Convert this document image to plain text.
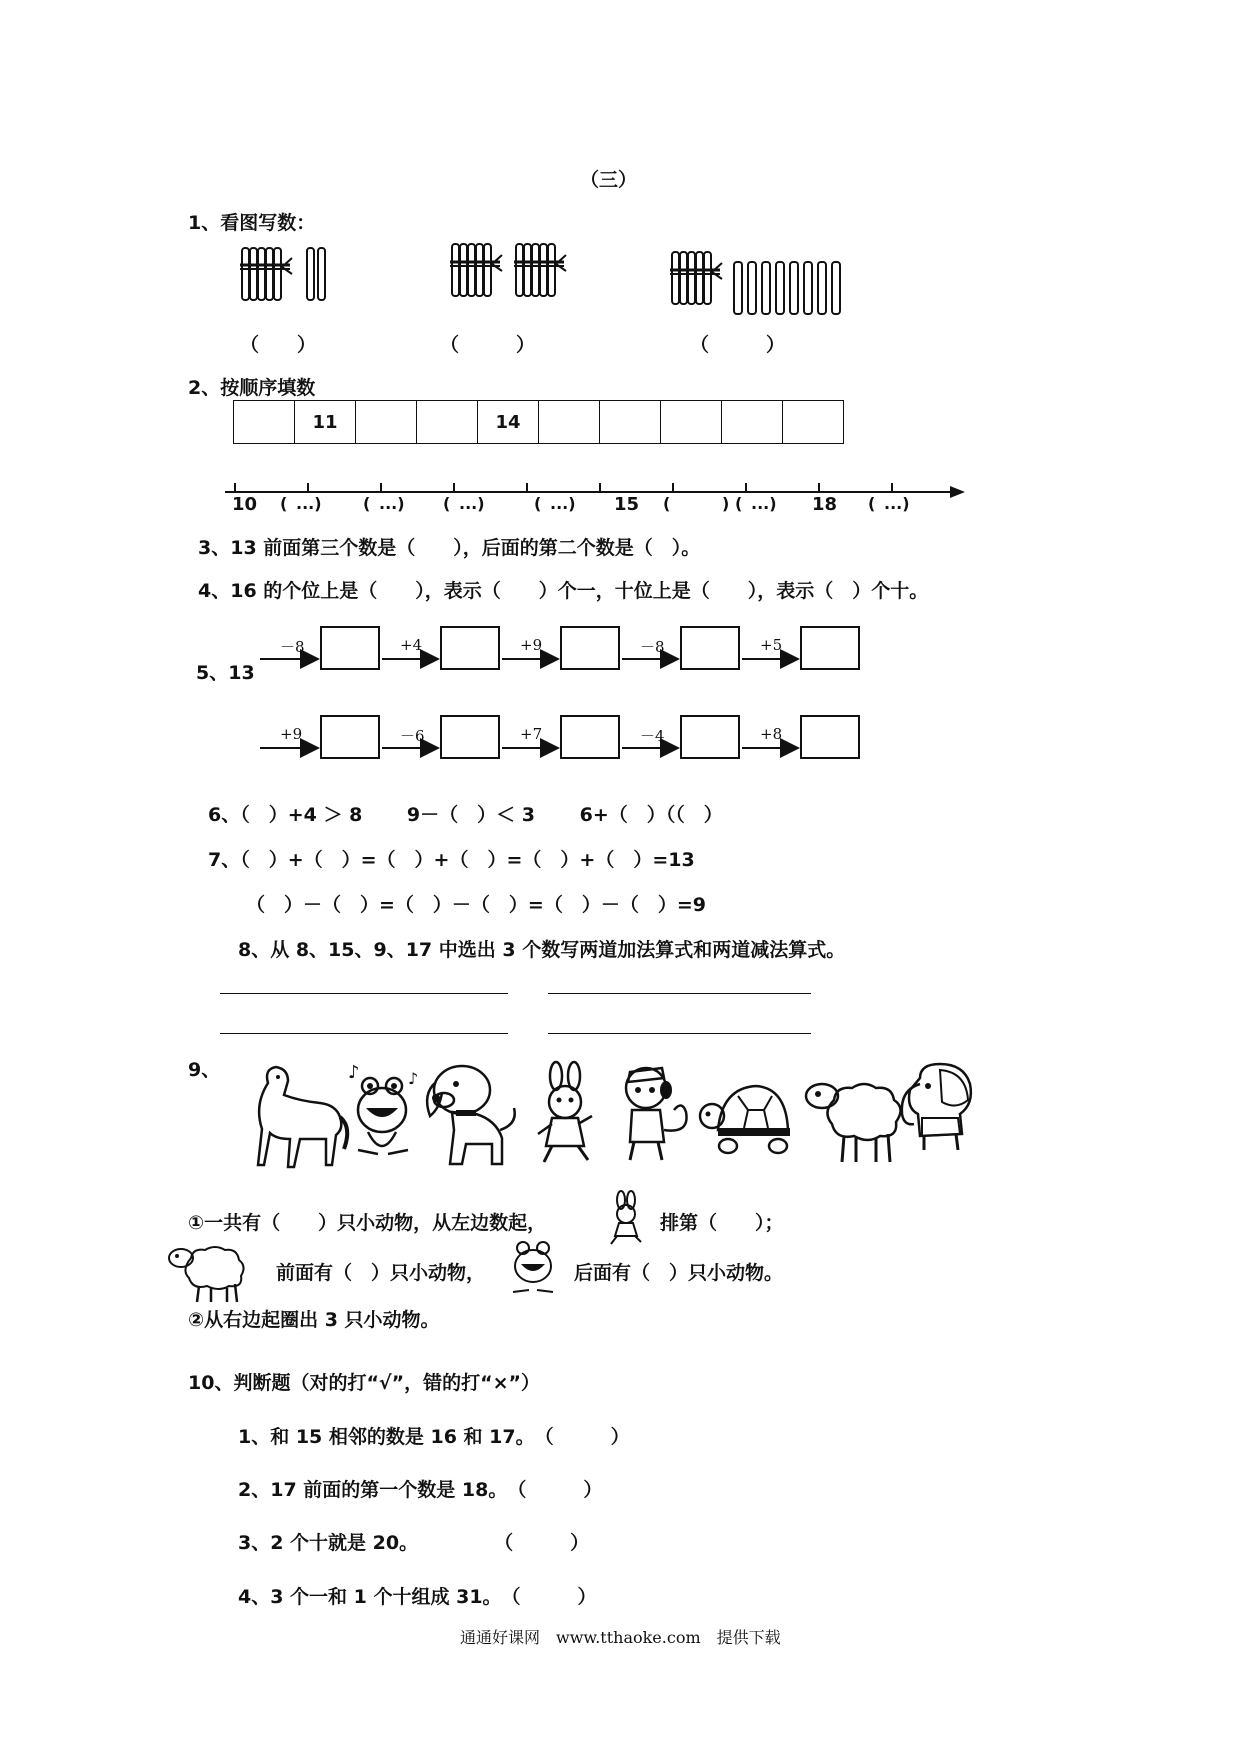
（三）
1、看图写数：
（　　）	（　　　）	（　　　）
2、按顺序填数
	11			14					
10 ( ...)	( ...) ( ...)	( ...) 15 (	) ( ...) 18 ( ...)
3、13 前面第三个数是（　　），后面的第二个数是（　）。
4、16 的个位上是（　　），表示（　　）个一，十位上是（　　），表示（　）个十。
5、13
－8	+4	+9	－8	+5
+9	－6	+7	－4	+8
6、（　）+4 ＞ 8 　　9－（　）＜ 3 　　6+（　）（（　）
7、（　）+（　）=（　）+（　）=（　）+（　）=13
（　）－（　）=（　）－（　）=（　）－（　）=9
8、从 8、15、9、17 中选出 3 个数写两道加法算式和两道减法算式。
9、	♪	♪
①一共有（　　）只小动物，从左边数起，	排第（　　）；
前面有（　）只小动物，	后面有（　）只小动物。
②从右边起圈出 3 只小动物。
10、判断题（对的打“√”，错的打“×”）
1、和 15 相邻的数是 16 和 17。　（　　　）
2、17 前面的第一个数是 18。　（　　　）
3、2 个十就是 20。　　　　　（　　　）
4、3 个一和 1 个十组成 31。　（　　　）
通通好课网　www.tthaoke.com　提供下载
